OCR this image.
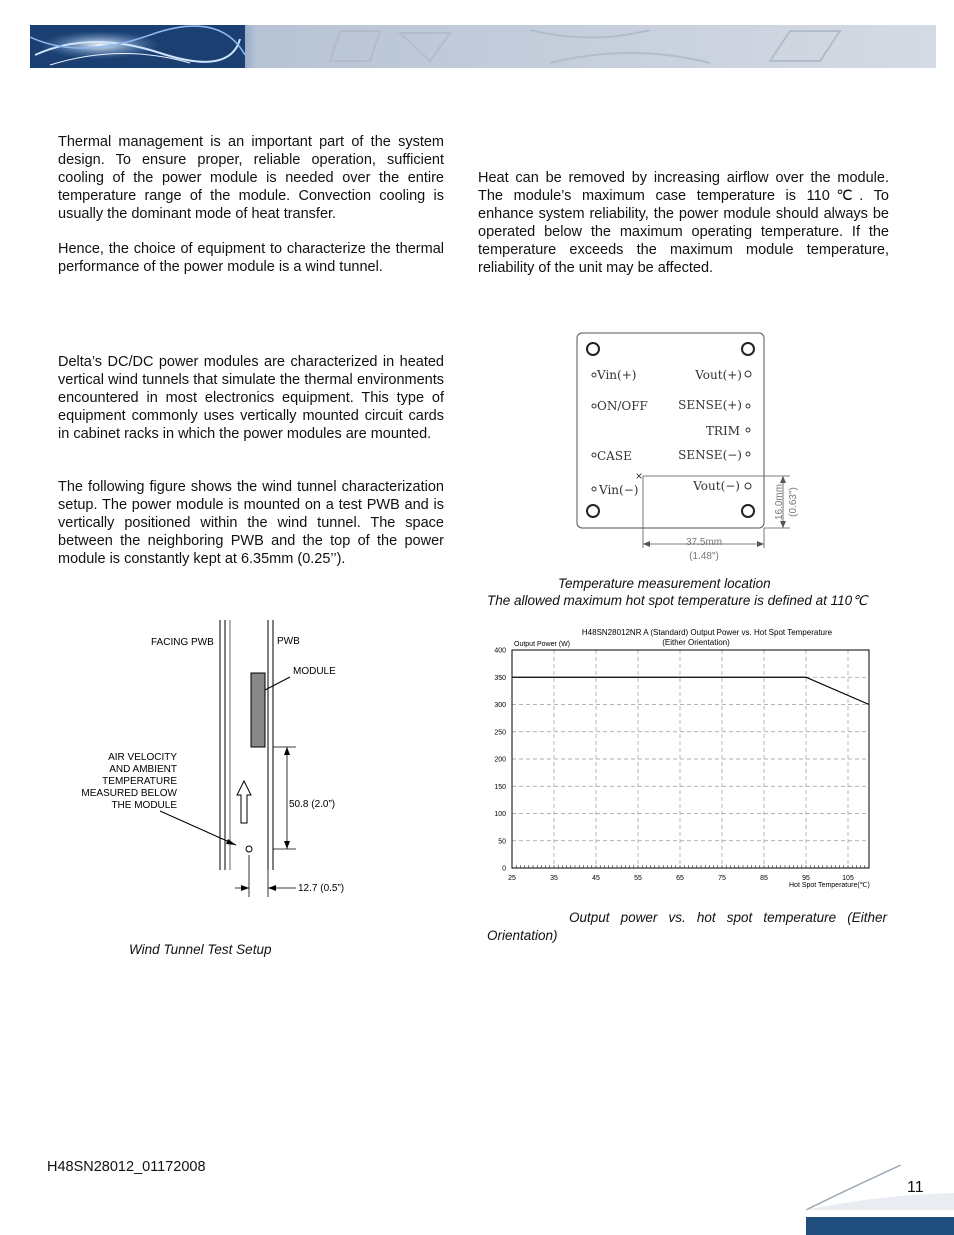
Thermal management is an important part of the system design. To ensure proper, reliable operation, sufficient cooling of the power module is needed over the entire temperature range of the module. Convection cooling is usually the dominant mode of heat transfer.

Hence, the choice of equipment to characterize the thermal performance of the power module is a wind tunnel.

Delta’s DC/DC power modules are characterized in heated vertical wind tunnels that simulate the thermal environments encountered in most electronics equipment. This type of equipment commonly uses vertically mounted circuit cards in cabinet racks in which the power modules are mounted.

The following figure shows the wind tunnel characterization setup. The power module is mounted on a test PWB and is vertically positioned within the wind tunnel. The space between the neighboring PWB and the top of the power module is constantly kept at 6.35mm (0.25’’).

Heat can be removed by increasing airflow over the module. The module’s maximum case temperature is 110℃. To enhance system reliability, the power module should always be operated below the maximum operating temperature. If the temperature exceeds the maximum module temperature, reliability of the unit may be affected.

FACING PWB	PWB
MODULE
AIR VELOCITY
AND AMBIENT
TEMPERATURE
MEASURED BELOW
THE MODULE	50.8 (2.0”)
12.7 (0.5”)

Wind Tunnel Test Setup

Vin(+)
ON/OFF
CASE
Vin(−)
Vout(+)
SENSE(+)
TRIM
SENSE(−)
Vout(−)
×
37.5mm
(1.48")
16.0mm (0.63")

Temperature measurement location

The allowed maximum hot spot temperature is defined at 110℃

H48SN28012NR A (Standard) Output Power vs. Hot Spot Temperature
(Either Orientation)
Output Power (W)
Hot Spot Temperature(℃)
25	35	45	55	65	75	85	95	105
0
50
100
150
200
250
300
350
400

Output power vs. hot spot temperature (Either Orientation)

H48SN28012_01172008
11
